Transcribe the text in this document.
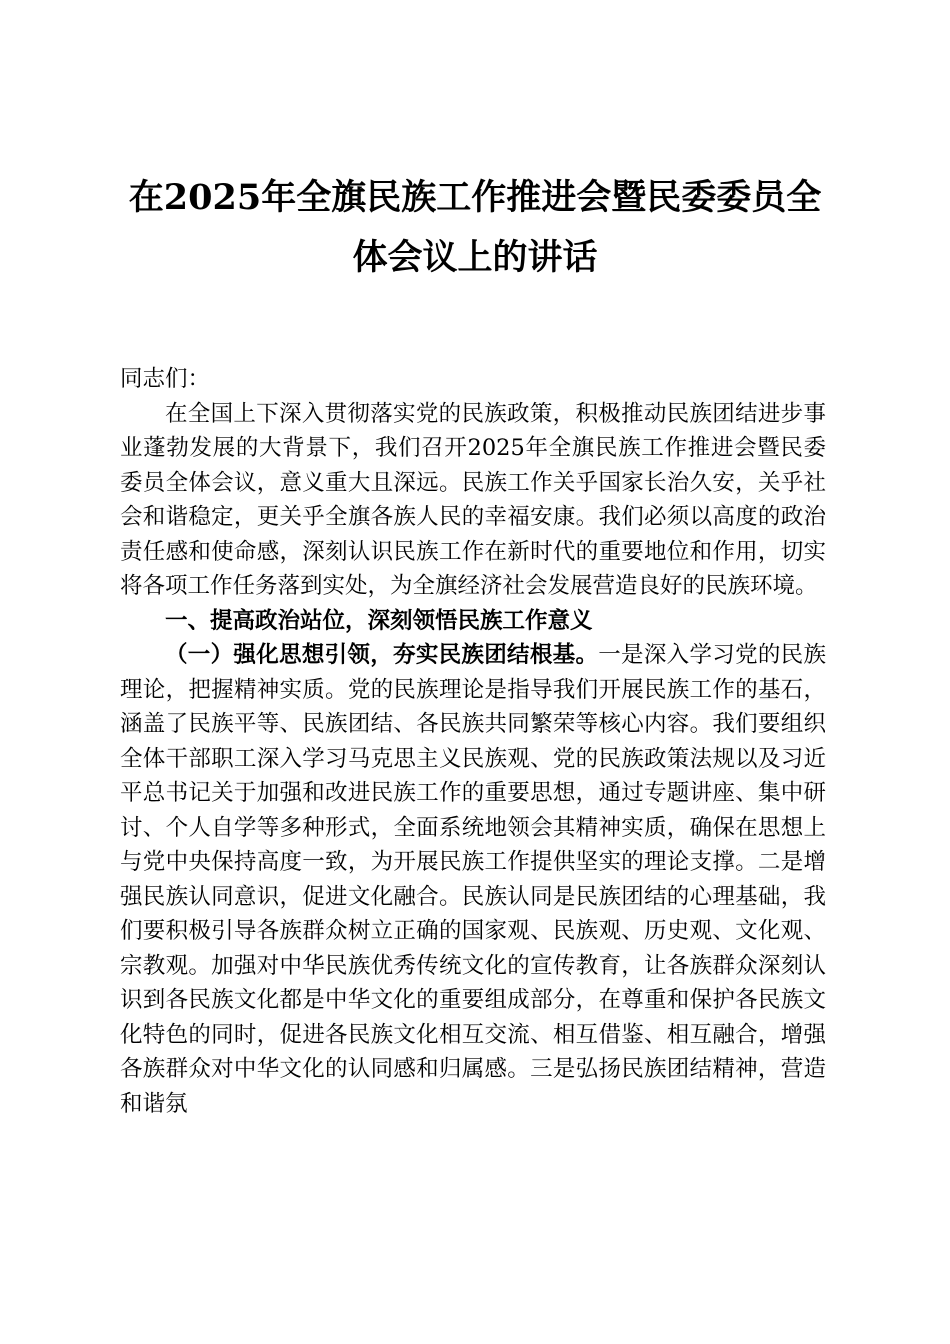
在2025年全旗民族工作推进会暨民委委员全体会议上的讲话

同志们：

在全国上下深入贯彻落实党的民族政策，积极推动民族团结进步事业蓬勃发展的大背景下，我们召开2025年全旗民族工作推进会暨民委委员全体会议，意义重大且深远。民族工作关乎国家长治久安，关乎社会和谐稳定，更关乎全旗各族人民的幸福安康。我们必须以高度的政治责任感和使命感，深刻认识民族工作在新时代的重要地位和作用，切实将各项工作任务落到实处，为全旗经济社会发展营造良好的民族环境。

一、提高政治站位，深刻领悟民族工作意义

（一）强化思想引领，夯实民族团结根基。一是深入学习党的民族理论，把握精神实质。党的民族理论是指导我们开展民族工作的基石，涵盖了民族平等、民族团结、各民族共同繁荣等核心内容。我们要组织全体干部职工深入学习马克思主义民族观、党的民族政策法规以及习近平总书记关于加强和改进民族工作的重要思想，通过专题讲座、集中研讨、个人自学等多种形式，全面系统地领会其精神实质，确保在思想上与党中央保持高度一致，为开展民族工作提供坚实的理论支撑。二是增强民族认同意识，促进文化融合。民族认同是民族团结的心理基础，我们要积极引导各族群众树立正确的国家观、民族观、历史观、文化观、宗教观。加强对中华民族优秀传统文化的宣传教育，让各族群众深刻认识到各民族文化都是中华文化的重要组成部分，在尊重和保护各民族文化特色的同时，促进各民族文化相互交流、相互借鉴、相互融合，增强各族群众对中华文化的认同感和归属感。三是弘扬民族团结精神，营造和谐氛
